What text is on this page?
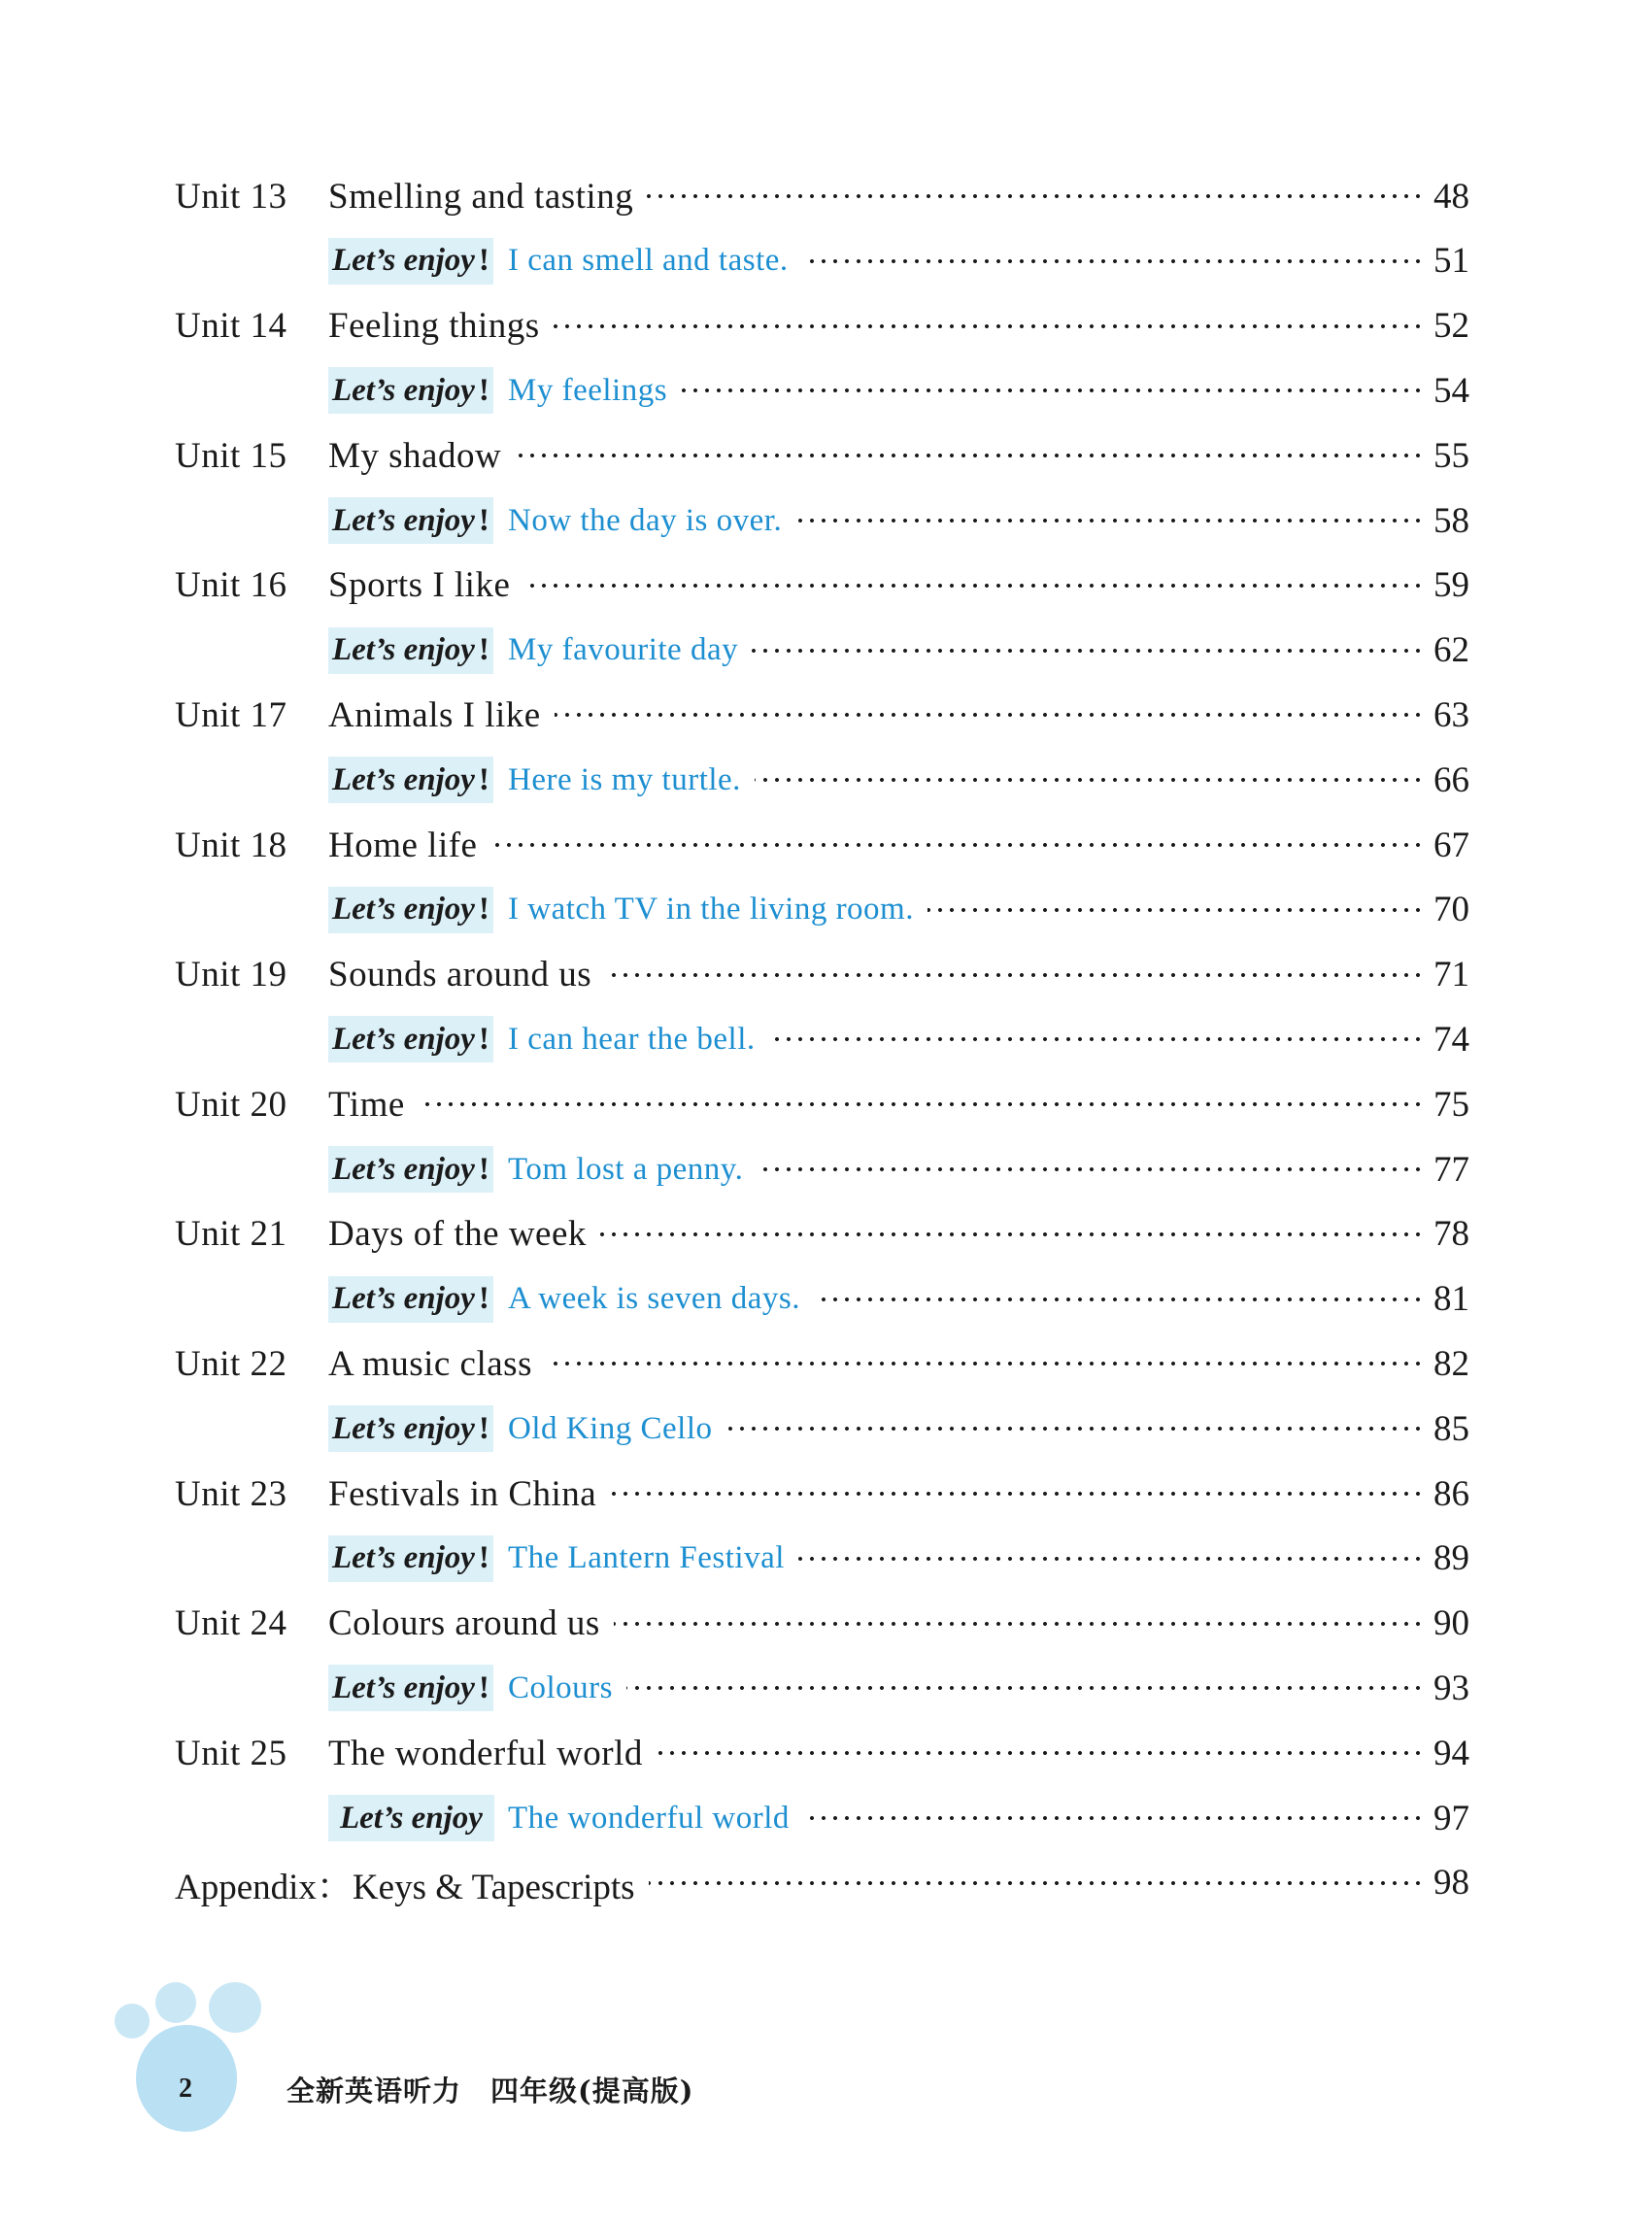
Unit 13 Smelling and tasting	48
Let’s enjoy ! I can smell and taste.	51
Unit 14 Feeling things	52
Let’s enjoy ! My feelings	54
Unit 15 My shadow	55
Let’s enjoy ! Now the day is over.	58
Unit 16 Sports I like	59
Let’s enjoy ! My favourite day	62
Unit 17 Animals I like	63
Let’s enjoy ! Here is my turtle.	66
Unit 18 Home life	67
Let’s enjoy ! I watch TV in the living room.	70
Unit 19 Sounds around us	71
Let’s enjoy ! I can hear the bell.	74
Unit 20 Time	75
Let’s enjoy ! Tom lost a penny.	77
Unit 21 Days of the week	78
Let’s enjoy ! A week is seven days.	81
Unit 22 A music class	82
Let’s enjoy ! Old King Cello	85
Unit 23 Festivals in China	86
Let’s enjoy ! The Lantern Festival	89
Unit 24 Colours around us	90
Let’s enjoy ! Colours	93
Unit 25 The wonderful world	94
Let’s enjoy The wonderful world	97
Appendix：Keys & Tapescripts	98
2	全新英语听力　四年级(提高版)
